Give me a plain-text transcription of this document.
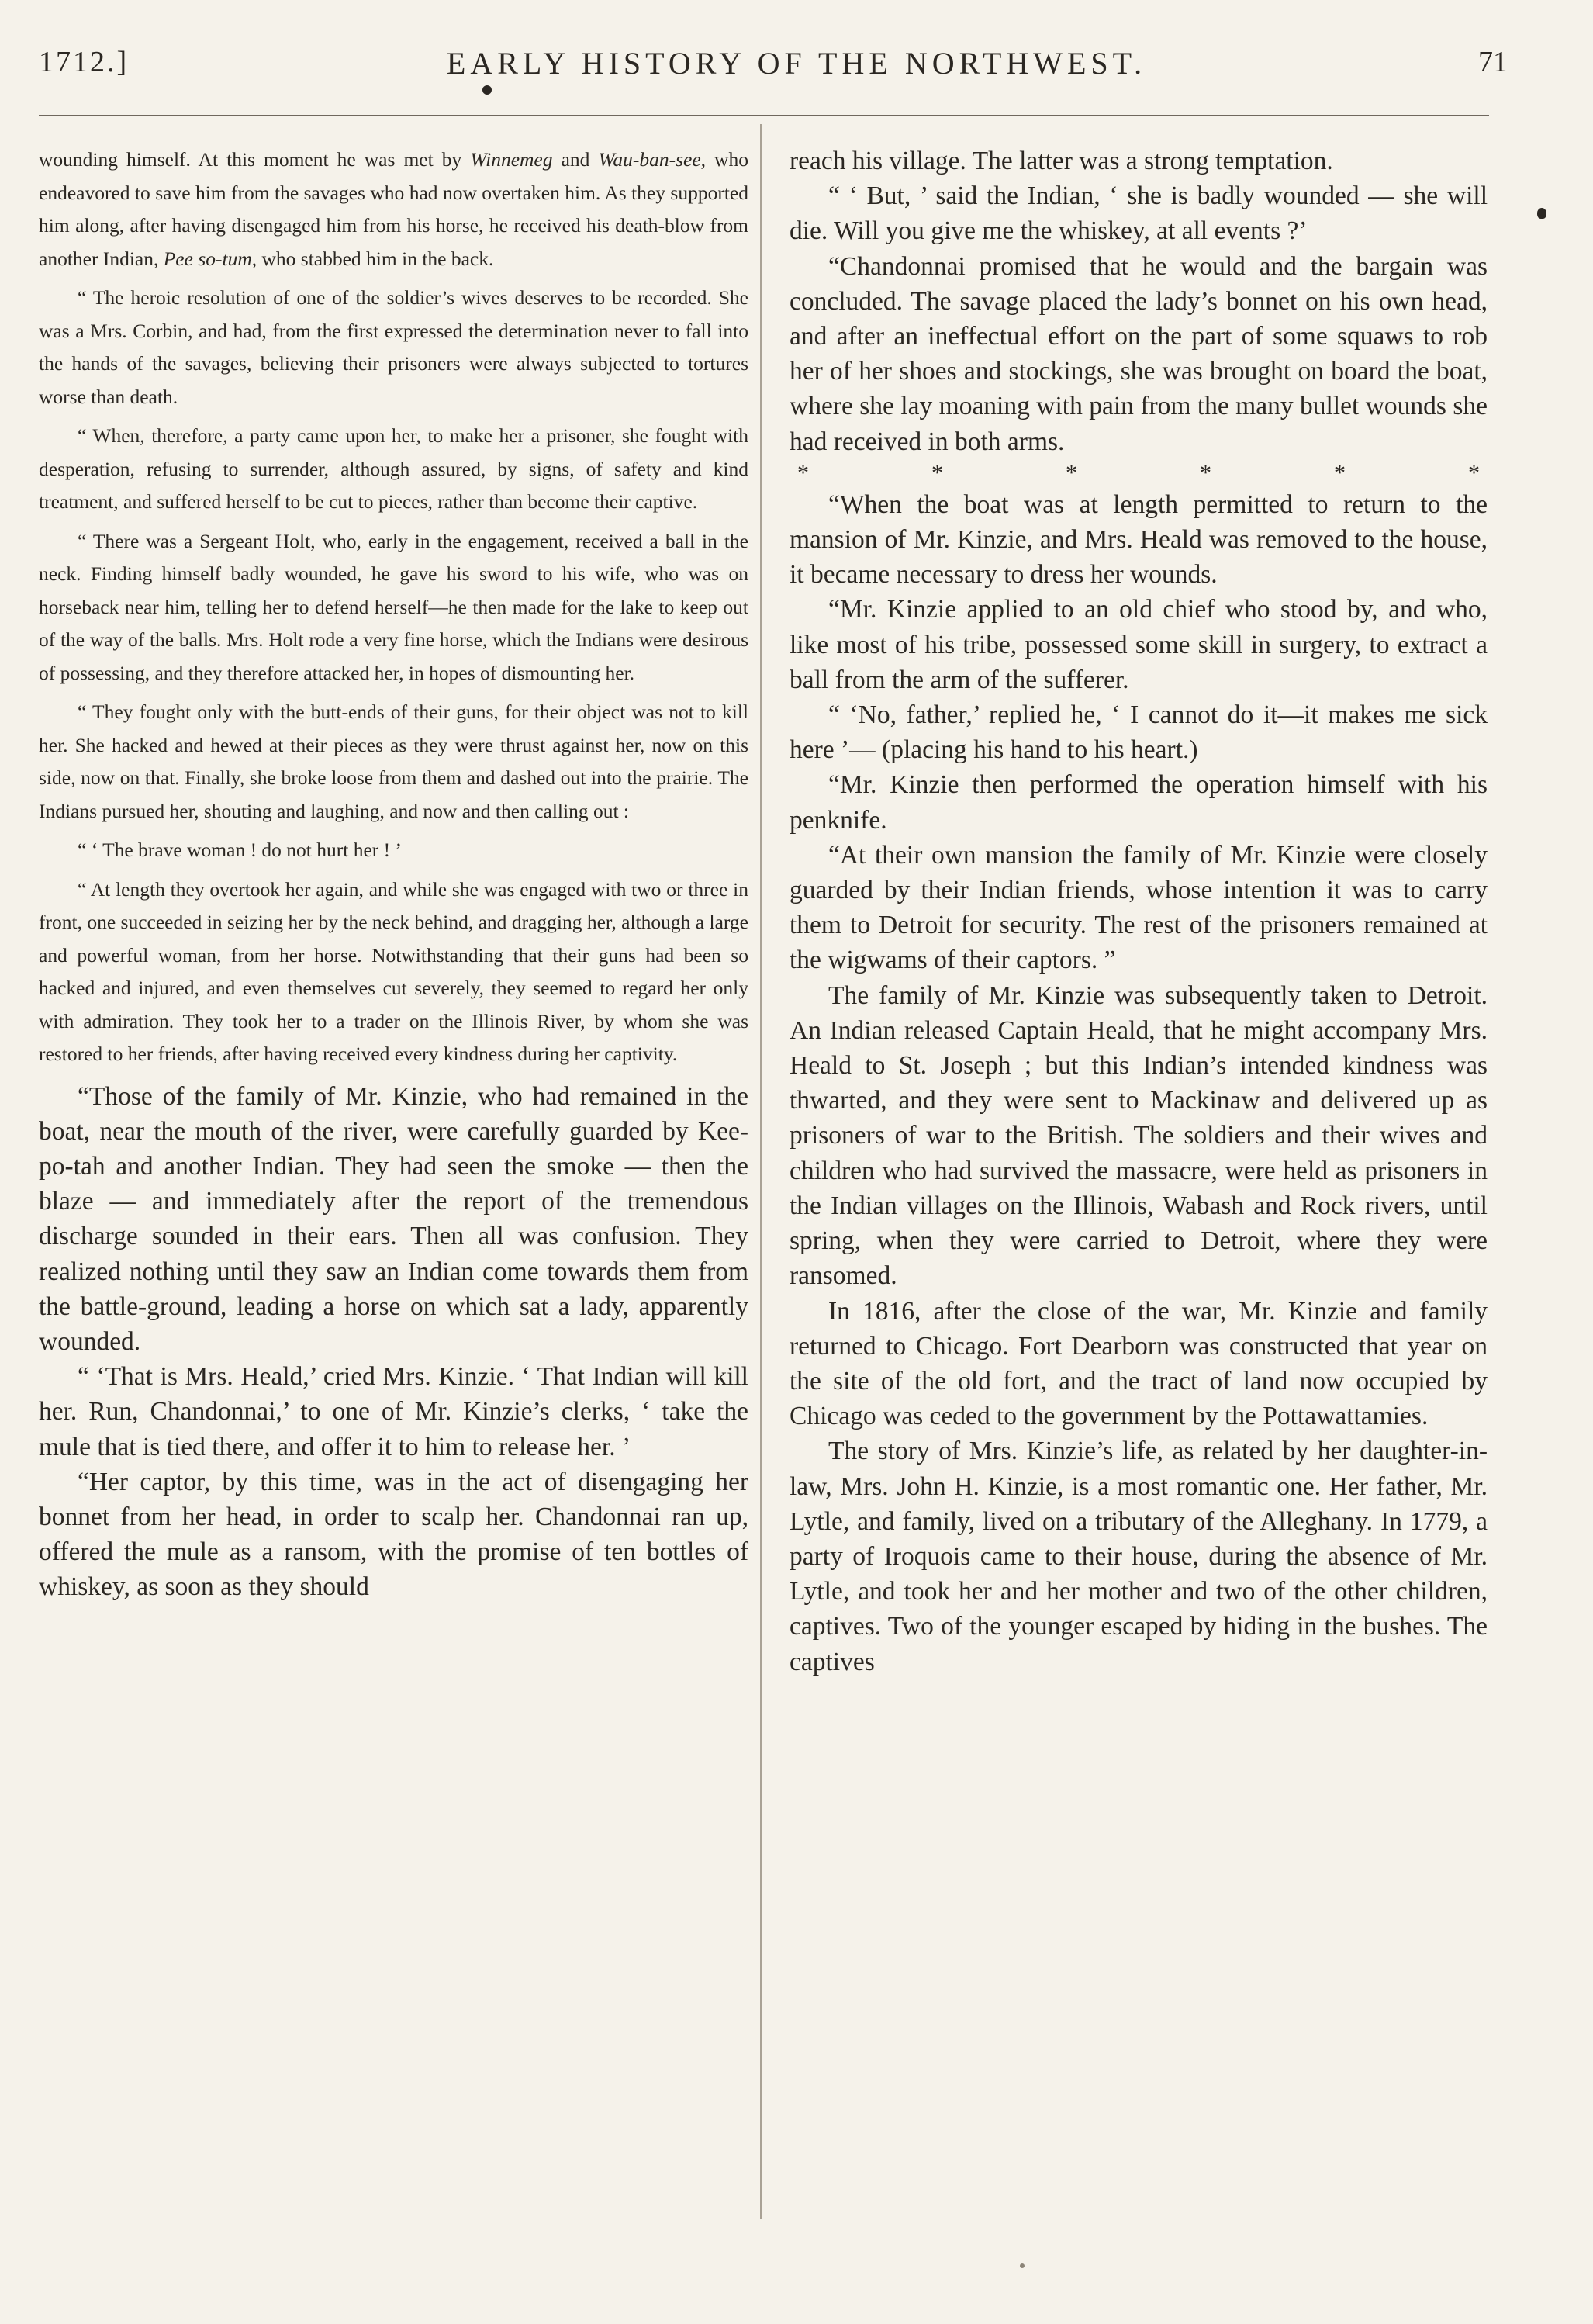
1712.]	EARLY HISTORY OF THE NORTHWEST.	71

wounding himself. At this moment he was met by Winnemeg and Wau-ban-see, who endeavored to save him from the savages who had now overtaken him. As they supported him along, after having disengaged him from his horse, he received his death-blow from another Indian, Pee so-tum, who stabbed him in the back.

“ The heroic resolution of one of the soldier’s wives deserves to be recorded. She was a Mrs. Corbin, and had, from the first expressed the determination never to fall into the hands of the savages, believing their prisoners were always subjected to tortures worse than death.

“ When, therefore, a party came upon her, to make her a prisoner, she fought with desperation, refusing to surrender, although assured, by signs, of safety and kind treatment, and suffered herself to be cut to pieces, rather than become their captive.

“ There was a Sergeant Holt, who, early in the engagement, received a ball in the neck. Finding himself badly wounded, he gave his sword to his wife, who was on horseback near him, telling her to defend herself—he then made for the lake to keep out of the way of the balls. Mrs. Holt rode a very fine horse, which the Indians were desirous of possessing, and they therefore attacked her, in hopes of dismounting her.

“ They fought only with the butt-ends of their guns, for their object was not to kill her. She hacked and hewed at their pieces as they were thrust against her, now on this side, now on that. Finally, she broke loose from them and dashed out into the prairie. The Indians pursued her, shouting and laughing, and now and then calling out :

“ ‘ The brave woman ! do not hurt her ! ’

“ At length they overtook her again, and while she was engaged with two or three in front, one succeeded in seizing her by the neck behind, and dragging her, although a large and powerful woman, from her horse. Notwithstanding that their guns had been so hacked and injured, and even themselves cut severely, they seemed to regard her only with admiration. They took her to a trader on the Illinois River, by whom she was restored to her friends, after having received every kindness during her captivity.

“Those of the family of Mr. Kinzie, who had remained in the boat, near the mouth of the river, were carefully guarded by Kee-po-tah and another Indian. They had seen the smoke — then the blaze — and immediately after the report of the tremendous discharge sounded in their ears. Then all was confusion. They realized nothing until they saw an Indian come towards them from the battle-ground, leading a horse on which sat a lady, apparently wounded.

“ ‘That is Mrs. Heald,’ cried Mrs. Kinzie. ‘ That Indian will kill her. Run, Chandonnai,’ to one of Mr. Kinzie’s clerks, ‘ take the mule that is tied there, and offer it to him to release her. ’

“Her captor, by this time, was in the act of disengaging her bonnet from her head, in order to scalp her. Chandonnai ran up, offered the mule as a ransom, with the promise of ten bottles of whiskey, as soon as they should

reach his village. The latter was a strong temptation.

“ ‘ But, ’ said the Indian, ‘ she is badly wounded — she will die. Will you give me the whiskey, at all events ?’

“Chandonnai promised that he would and the bargain was concluded. The savage placed the lady’s bonnet on his own head, and after an ineffectual effort on the part of some squaws to rob her of her shoes and stockings, she was brought on board the boat, where she lay moaning with pain from the many bullet wounds she had received in both arms.

*	*	*	*	*	*

“When the boat was at length permitted to return to the mansion of Mr. Kinzie, and Mrs. Heald was removed to the house, it became necessary to dress her wounds.

“Mr. Kinzie applied to an old chief who stood by, and who, like most of his tribe, possessed some skill in surgery, to extract a ball from the arm of the sufferer.

“ ‘No, father,’ replied he, ‘ I cannot do it—it makes me sick here ’— (placing his hand to his heart.)

“Mr. Kinzie then performed the operation himself with his penknife.

“At their own mansion the family of Mr. Kinzie were closely guarded by their Indian friends, whose intention it was to carry them to Detroit for security. The rest of the prisoners remained at the wigwams of their captors. ”

The family of Mr. Kinzie was subsequently taken to Detroit. An Indian released Captain Heald, that he might accompany Mrs. Heald to St. Joseph ; but this Indian’s intended kindness was thwarted, and they were sent to Mackinaw and delivered up as prisoners of war to the British. The soldiers and their wives and children who had survived the massacre, were held as prisoners in the Indian villages on the Illinois, Wabash and Rock rivers, until spring, when they were carried to Detroit, where they were ransomed.

In 1816, after the close of the war, Mr. Kinzie and family returned to Chicago. Fort Dearborn was constructed that year on the site of the old fort, and the tract of land now occupied by Chicago was ceded to the government by the Pottawattamies.

The story of Mrs. Kinzie’s life, as related by her daughter-in-law, Mrs. John H. Kinzie, is a most romantic one. Her father, Mr. Lytle, and family, lived on a tributary of the Alleghany. In 1779, a party of Iroquois came to their house, during the absence of Mr. Lytle, and took her and her mother and two of the other children, captives. Two of the younger escaped by hiding in the bushes. The captives
